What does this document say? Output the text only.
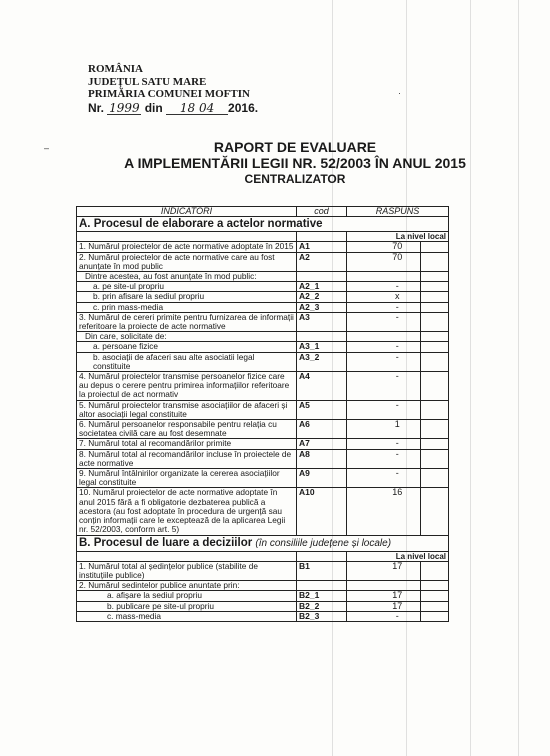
ROMÂNIA
JUDEȚUL SATU MARE
PRIMĂRIA COMUNEI MOFTIN
Nr. 1999 din 18 04 2016.
–
·
RAPORT DE EVALUARE
A IMPLEMENTĂRII LEGII NR. 52/2003 ÎN ANUL 2015
CENTRALIZATOR
INDICATORI	cod	RASPUNS		
A. Procesul de elaborare a actelor normative				
		La nivel local		
1. Numărul proiectelor de acte normative adoptate în 2015	A1		70	
2. Numărul proiectelor de acte normative care au fost anunțate în mod public	A2		70	
Dintre acestea, au fost anunțate în mod public:				
a. pe site-ul propriu	A2_1		-	
b. prin afisare la sediul propriu	A2_2		x	
c. prin mass-media	A2_3		-	
3. Numărul de cereri primite pentru furnizarea de informații referitoare la proiecte de acte normative	A3		-	
Din care, solicitate de:				
a. persoane fizice	A3_1		-	
b. asociații de afaceri sau alte asociatii legal constituite	A3_2		-	
4. Numărul proiectelor transmise persoanelor fizice care au depus o cerere pentru primirea informațiilor referitoare la proiectul de act normativ	A4		-	
5. Numărul proiectelor transmise asociațiilor de afaceri și altor asociații legal constituite	A5		-	
6. Numărul persoanelor responsabile pentru relația cu societatea civilă care au fost desemnate	A6		1	
7. Numărul total al recomandărilor primite	A7		-	
8. Numărul total al recomandărilor incluse în proiectele de acte normative	A8		-	
9. Numărul întâlnirilor organizate la cererea asociațiilor legal constituite	A9		-	
10. Numărul proiectelor de acte normative adoptate în anul 2015 fără a fi obligatorie dezbaterea publică a acestora (au fost adoptate în procedura de urgență sau conțin informații care le exceptează de la aplicarea Legii nr. 52/2003, conform art. 5)	A10		16	
B. Procesul de luare a deciziilor (în consiliile județene și locale)				
		La nivel local		
1. Numărul total al ședințelor publice (stabilite de instituțiile publice)	B1		17	
2. Numărul sedintelor publice anuntate prin:				
a. afișare la sediul propriu	B2_1		17	
b. publicare pe site-ul propriu	B2_2		17	
c. mass-media	B2_3		-	
